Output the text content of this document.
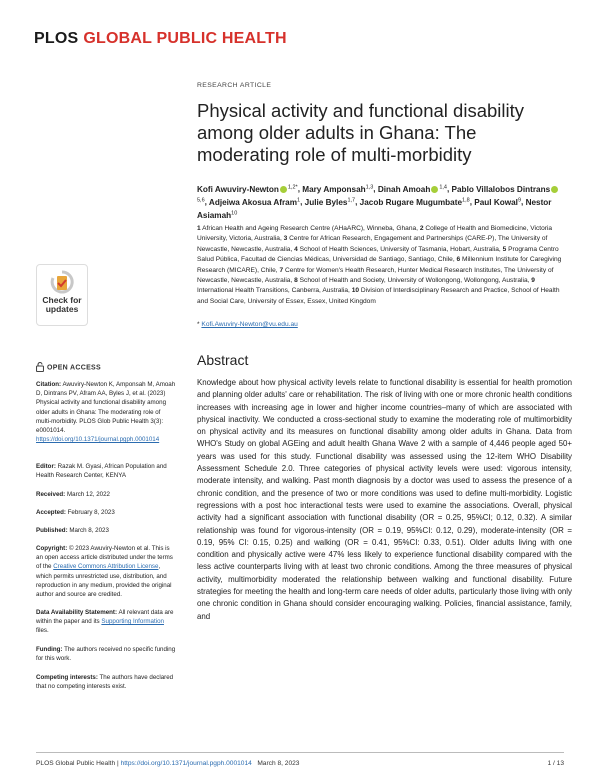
PLOS GLOBAL PUBLIC HEALTH
Check for
updates
OPEN ACCESS
Citation: Awuviry-Newton K, Amponsah M, Amoah D, Dintrans PV, Afram AA, Byles J, et al. (2023) Physical activity and functional disability among older adults in Ghana: The moderating role of multi-morbidity. PLOS Glob Public Health 3(3): e0001014. https://doi.org/10.1371/journal.pgph.0001014
Editor: Razak M. Gyasi, African Population and Health Research Center, KENYA
Received: March 12, 2022
Accepted: February 8, 2023
Published: March 8, 2023
Copyright: © 2023 Awuviry-Newton et al. This is an open access article distributed under the terms of the Creative Commons Attribution License, which permits unrestricted use, distribution, and reproduction in any medium, provided the original author and source are credited.
Data Availability Statement: All relevant data are within the paper and its Supporting Information files.
Funding: The authors received no specific funding for this work.
Competing interests: The authors have declared that no competing interests exist.
RESEARCH ARTICLE
Physical activity and functional disability among older adults in Ghana: The moderating role of multi-morbidity
Kofi Awuviry-Newton $^{1,2*}$, Mary Amponsah$^{1,3}$, Dinah Amoah $^{1,4}$, Pablo Villalobos Dintrans$^{5,6}$, Adjeiwa Akosua Afram$^1$, Julie Byles$^{1,7}$, Jacob Rugare Mugumbate$^{1,8}$, Paul Kowal$^9$, Nestor Asiamah$^{10}$
1 African Health and Ageing Research Centre (AHaARC), Winneba, Ghana, 2 College of Health and Biomedicine, Victoria University, Victoria, Australia, 3 Centre for African Research, Engagement and Partnerships (CARE-P), The University of Newcastle, Newcastle, Australia, 4 School of Health Sciences, University of Tasmania, Hobart, Australia, 5 Programa Centro Salud Pública, Facultad de Ciencias Médicas, Universidad de Santiago, Santiago, Chile, 6 Millennium Institute for Caregiving Research (MICARE), Chile, 7 Centre for Women's Health Research, Hunter Medical Research Institutes, The University of Newcastle, Newcastle, Australia, 8 School of Health and Society, University of Wollongong, Wollongong, Australia, 9 International Health Transitions, Canberra, Australia, 10 Division of Interdisciplinary Research and Practice, School of Health and Social Care, University of Essex, Essex, United Kingdom
* Kofi.Awuviry-Newton@vu.edu.au
Abstract
Knowledge about how physical activity levels relate to functional disability is essential for health promotion and planning older adults' care or rehabilitation. The risk of living with one or more chronic health conditions increases with increasing age in lower and higher income countries–many of which are associated with physical inactivity. We conducted a cross-sectional study to examine the moderating role of multimorbidity on physical activity and its measures on functional disability among older adults in Ghana. Data from WHO's Study on global AGEing and adult health Ghana Wave 2 with a sample of 4,446 people aged 50+ years was used for this study. Functional disability was assessed using the 12-item WHO Disability Assessment Schedule 2.0. Three categories of physical activity levels were used: vigorous intensity, moderate intensity, and walking. Past month diagnosis by a doctor was used to assess the presence of a chronic condition, and the presence of two or more conditions was used to define multi-morbidity. Logistic regressions with a post hoc interactional tests were used to examine the associations. Overall, physical activity had a significant association with functional disability (OR = 0.25, 95%CI; 0.12, 0.32). A similar relationship was found for vigorous-intensity (OR = 0.19, 95%CI: 0.12, 0.29), moderate-intensity (OR = 0.19, 95% CI: 0.15, 0.25) and walking (OR = 0.41, 95%CI: 0.33, 0.51). Older adults living with one condition and physically active were 47% less likely to experience functional disability compared with the less active counterparts living with at least two chronic conditions. Among the three measures of physical activity, multimorbidity moderated the relationship between walking and functional disability. Future strategies for meeting the health and long-term care needs of older adults, particularly those living with only one chronic condition in Ghana should consider encouraging walking. Policies, financial assistance, family, and
PLOS Global Public Health | https://doi.org/10.1371/journal.pgph.0001014 March 8, 2023	1 / 13
